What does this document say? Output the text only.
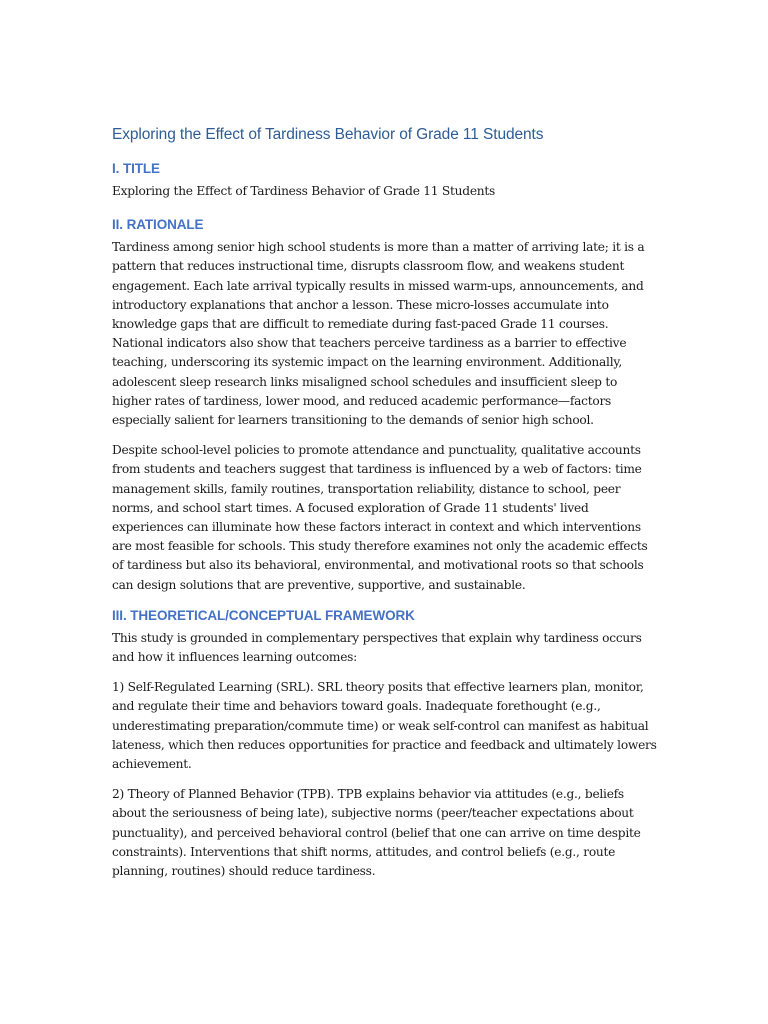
Exploring the Effect of Tardiness Behavior of Grade 11 Students
I. TITLE

Exploring the Effect of Tardiness Behavior of Grade 11 Students

II. RATIONALE

Tardiness among senior high school students is more than a matter of arriving late; it is a pattern that reduces instructional time, disrupts classroom flow, and weakens student engagement. Each late arrival typically results in missed warm-ups, announcements, and introductory explanations that anchor a lesson. These micro-losses accumulate into knowledge gaps that are difficult to remediate during fast-paced Grade 11 courses. National indicators also show that teachers perceive tardiness as a barrier to effective teaching, underscoring its systemic impact on the learning environment. Additionally, adolescent sleep research links misaligned school schedules and insufficient sleep to higher rates of tardiness, lower mood, and reduced academic performance—factors especially salient for learners transitioning to the demands of senior high school.

Despite school-level policies to promote attendance and punctuality, qualitative accounts from students and teachers suggest that tardiness is influenced by a web of factors: time management skills, family routines, transportation reliability, distance to school, peer norms, and school start times. A focused exploration of Grade 11 students' lived experiences can illuminate how these factors interact in context and which interventions are most feasible for schools. This study therefore examines not only the academic effects of tardiness but also its behavioral, environmental, and motivational roots so that schools can design solutions that are preventive, supportive, and sustainable.

III. THEORETICAL/CONCEPTUAL FRAMEWORK

This study is grounded in complementary perspectives that explain why tardiness occurs and how it influences learning outcomes:

1) Self-Regulated Learning (SRL). SRL theory posits that effective learners plan, monitor, and regulate their time and behaviors toward goals. Inadequate forethought (e.g., underestimating preparation/commute time) or weak self-control can manifest as habitual lateness, which then reduces opportunities for practice and feedback and ultimately lowers achievement.

2) Theory of Planned Behavior (TPB). TPB explains behavior via attitudes (e.g., beliefs about the seriousness of being late), subjective norms (peer/teacher expectations about punctuality), and perceived behavioral control (belief that one can arrive on time despite constraints). Interventions that shift norms, attitudes, and control beliefs (e.g., route planning, routines) should reduce tardiness.
